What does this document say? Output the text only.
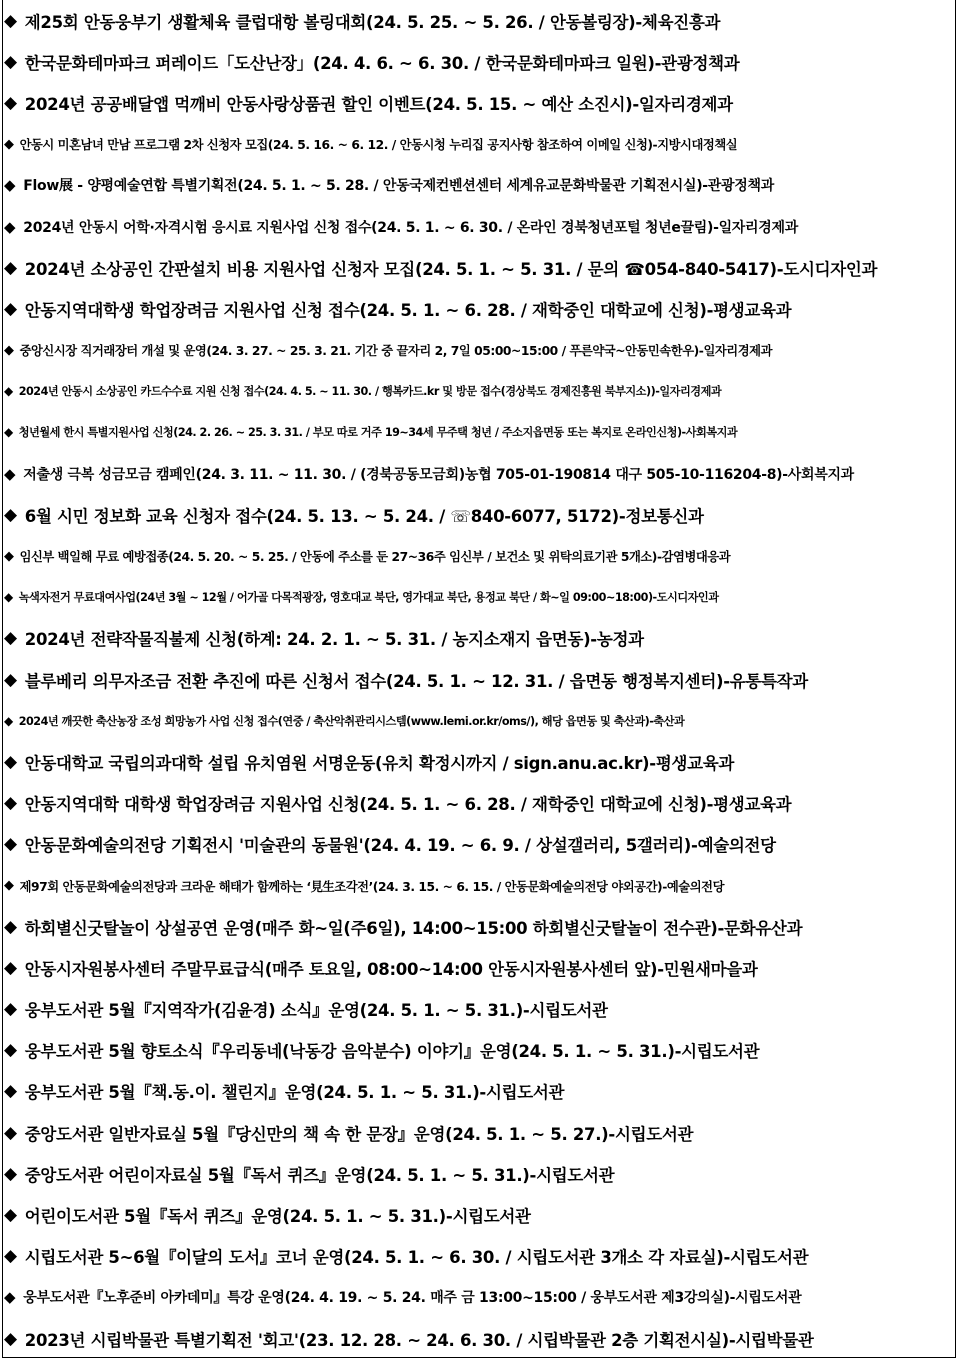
◆ 제25회 안동웅부기 생활체육 클럽대항 볼링대회(24. 5. 25. ~ 5. 26. / 안동볼링장)-체육진흥과
◆ 한국문화테마파크 퍼레이드「도산난장」(24. 4. 6. ~ 6. 30. / 한국문화테마파크 일원)-관광정책과
◆ 2024년 공공배달앱 먹깨비 안동사랑상품권 할인 이벤트(24. 5. 15. ~ 예산 소진시)-일자리경제과
◆ 안동시 미혼남녀 만남 프로그램 2차 신청자 모집(24. 5. 16. ~ 6. 12. / 안동시청 누리집 공지사항 참조하여 이메일 신청)-지방시대정책실
◆ Flow展 - 양평예술연합 특별기획전(24. 5. 1. ~ 5. 28. / 안동국제컨벤션센터 세계유교문화박물관 기획전시실)-관광정책과
◆ 2024년 안동시 어학·자격시험 응시료 지원사업 신청 접수(24. 5. 1. ~ 6. 30. / 온라인 경북청년포털 청년e끌림)-일자리경제과
◆ 2024년 소상공인 간판설치 비용 지원사업 신청자 모집(24. 5. 1. ~ 5. 31. / 문의 ☎054-840-5417)-도시디자인과
◆ 안동지역대학생 학업장려금 지원사업 신청 접수(24. 5. 1. ~ 6. 28. / 재학중인 대학교에 신청)-평생교육과
◆ 중앙신시장 직거래장터 개설 및 운영(24. 3. 27. ~ 25. 3. 21. 기간 중 끝자리 2, 7일 05:00~15:00 / 푸른약국~안동민속한우)-일자리경제과
◆ 2024년 안동시 소상공인 카드수수료 지원 신청 접수(24. 4. 5. ~ 11. 30. / 행복카드.kr 및 방문 접수(경상북도 경제진흥원 북부지소))-일자리경제과
◆ 청년월세 한시 특별지원사업 신청(24. 2. 26. ~ 25. 3. 31. / 부모 따로 거주 19~34세 무주택 청년 / 주소지읍면동 또는 복지로 온라인신청)-사회복지과
◆ 저출생 극복 성금모금 캠페인(24. 3. 11. ~ 11. 30. / (경북공동모금회)농협 705-01-190814 대구 505-10-116204-8)-사회복지과
◆ 6월 시민 정보화 교육 신청자 접수(24. 5. 13. ~ 5. 24. / ☏840-6077, 5172)-정보통신과
◆ 임신부 백일해 무료 예방접종(24. 5. 20. ~ 5. 25. / 안동에 주소를 둔 27~36주 임신부 / 보건소 및 위탁의료기관 5개소)-감염병대응과
◆ 녹색자전거 무료대여사업(24년 3월 ~ 12월 / 어가골 다목적광장, 영호대교 북단, 영가대교 북단, 용정교 북단 / 화~일 09:00~18:00)-도시디자인과
◆ 2024년 전략작물직불제 신청(하계: 24. 2. 1. ~ 5. 31. / 농지소재지 읍면동)-농정과
◆ 블루베리 의무자조금 전환 추진에 따른 신청서 접수(24. 5. 1. ~ 12. 31. / 읍면동 행정복지센터)-유통특작과
◆ 2024년 깨끗한 축산농장 조성 희망농가 사업 신청 접수(연중 / 축산악취관리시스템(www.lemi.or.kr/oms/), 해당 읍면동 및 축산과)-축산과
◆ 안동대학교 국립의과대학 설립 유치염원 서명운동(유치 확정시까지 / sign.anu.ac.kr)-평생교육과
◆ 안동지역대학 대학생 학업장려금 지원사업 신청(24. 5. 1. ~ 6. 28. / 재학중인 대학교에 신청)-평생교육과
◆ 안동문화예술의전당 기획전시 '미술관의 동물원'(24. 4. 19. ~ 6. 9. / 상설갤러리, 5갤러리)-예술의전당
◆ 제97회 안동문화예술의전당과 크라운 해태가 함께하는 ‘見生조각전’(24. 3. 15. ~ 6. 15. / 안동문화예술의전당 야외공간)-예술의전당
◆ 하회별신굿탈놀이 상설공연 운영(매주 화~일(주6일), 14:00~15:00 하회별신굿탈놀이 전수관)-문화유산과
◆ 안동시자원봉사센터 주말무료급식(매주 토요일, 08:00~14:00 안동시자원봉사센터 앞)-민원새마을과
◆ 웅부도서관 5월『지역작가(김윤경) 소식』운영(24. 5. 1. ~ 5. 31.)-시립도서관
◆ 웅부도서관 5월 향토소식『우리동네(낙동강 음악분수) 이야기』운영(24. 5. 1. ~ 5. 31.)-시립도서관
◆ 웅부도서관 5월『책.동.이. 챌린지』운영(24. 5. 1. ~ 5. 31.)-시립도서관
◆ 중앙도서관 일반자료실 5월『당신만의 책 속 한 문장』운영(24. 5. 1. ~ 5. 27.)-시립도서관
◆ 중앙도서관 어린이자료실 5월『독서 퀴즈』운영(24. 5. 1. ~ 5. 31.)-시립도서관
◆ 어린이도서관 5월『독서 퀴즈』운영(24. 5. 1. ~ 5. 31.)-시립도서관
◆ 시립도서관 5~6월『이달의 도서』코너 운영(24. 5. 1. ~ 6. 30. / 시립도서관 3개소 각 자료실)-시립도서관
◆ 웅부도서관『노후준비 아카데미』특강 운영(24. 4. 19. ~ 5. 24. 매주 금 13:00~15:00 / 웅부도서관 제3강의실)-시립도서관
◆ 2023년 시립박물관 특별기획전 '회고'(23. 12. 28. ~ 24. 6. 30. / 시립박물관 2층 기획전시실)-시립박물관
